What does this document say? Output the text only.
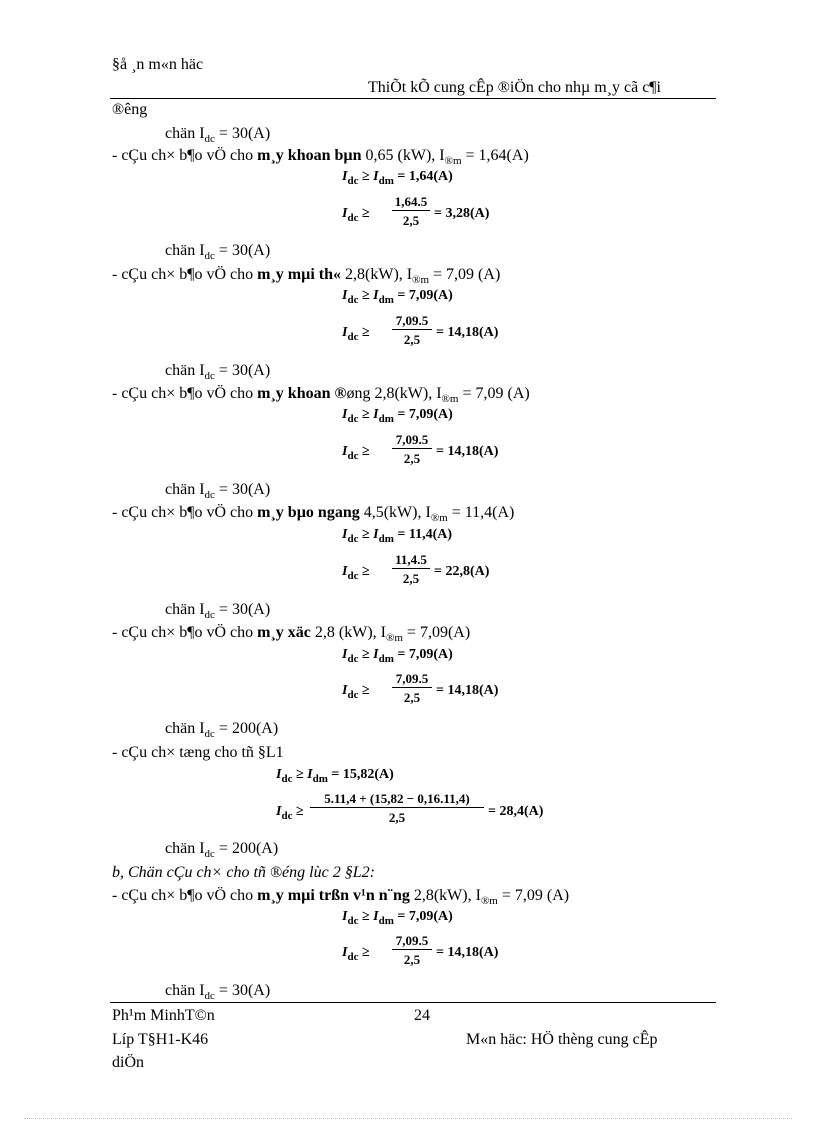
§å ¸n m«n häc
ThiÕt kÕ cung cÊp ®iÖn cho nhµ m¸y cã c¶i
®êng
chän $I_{dc} = 30(A)$
- cÇu ch× b¶o vÖ cho m¸y khoan bµn 0,65 (kW), $I_{®m} = 1,64(A)$
$I_{dc} \ge I_{dm} = 1,64(A)$
$I_{dc} \ge \frac{1,64.5}{2,5} = 3,28(A)$
chän $I_{dc} = 30(A)$
- cÇu ch× b¶o vÖ cho m¸y mµi th« 2,8(kW), $I_{®m} = 7,09$ (A)
$I_{dc} \ge I_{dm} = 7,09(A)$
$I_{dc} \ge \frac{7,09.5}{2,5} = 14,18(A)$
chän $I_{dc} = 30(A)$
- cÇu ch× b¶o vÖ cho m¸y khoan ®øng 2,8(kW), $I_{®m} = 7,09$ (A)
$I_{dc} \ge I_{dm} = 7,09(A)$
$I_{dc} \ge \frac{7,09.5}{2,5} = 14,18(A)$
chän $I_{dc} = 30(A)$
- cÇu ch× b¶o vÖ cho m¸y bµo ngang 4,5(kW), $I_{®m} = 11,4(A)$
$I_{dc} \ge I_{dm} = 11,4(A)$
$I_{dc} \ge \frac{11,4.5}{2,5} = 22,8(A)$
chän $I_{dc} = 30(A)$
- cÇu ch× b¶o vÖ cho m¸y xäc 2,8 (kW), $I_{®m} = 7,09(A)$
$I_{dc} \ge I_{dm} = 7,09(A)$
$I_{dc} \ge \frac{7,09.5}{2,5} = 14,18(A)$
chän $I_{dc} = 200(A)$
- cÇu ch× tæng cho tñ §L1
$I_{dc} \ge I_{dm} = 15,82(A)$
$I_{dc} \ge \frac{5.11,4 + (15,82 - 0,16.11,4)}{2,5} = 28,4(A)$
chän $I_{dc} = 200(A)$
b, Chän cÇu ch× cho tñ ®éng lùc 2 §L2:
- cÇu ch× b¶o vÖ cho m¸y mµi trßn v¹n n¨ng 2,8(kW), $I_{®m} = 7,09$ (A)
$I_{dc} \ge I_{dm} = 7,09(A)$
$I_{dc} \ge \frac{7,09.5}{2,5} = 14,18(A)$
chän $I_{dc} = 30(A)$
Ph¹m MinhT©n	24
Líp T§H1-K46	M«n häc: HÖ thèng cung cÊp
diÖn
